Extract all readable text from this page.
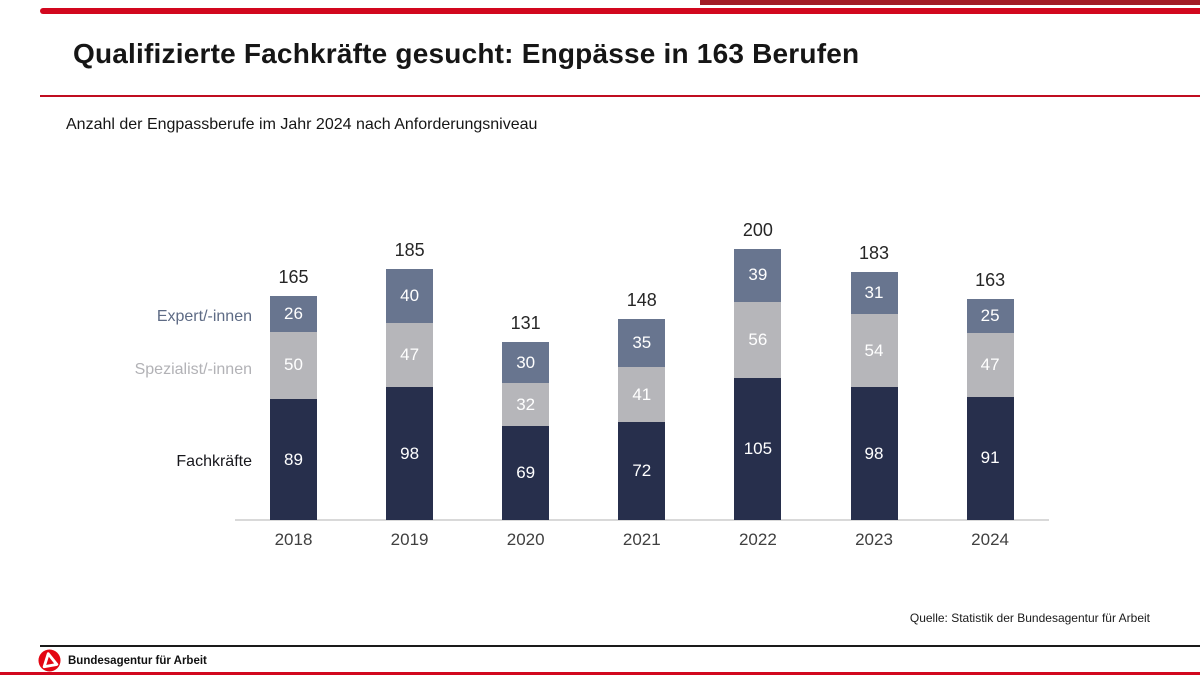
Qualifizierte Fachkräfte gesucht: Engpässe in 163 Berufen
Anzahl der Engpassberufe im Jahr 2024 nach Anforderungsniveau
Expert/-innen
Spezialist/-innen
Fachkräfte 89
50
26
165
2018
98
47
40
185
2019
69
32
30
131
2020
72
41
35
148
2021
105
56
39
200
2022
98
54
31
183
2023
91
47
25
163
2024
Quelle: Statistik der Bundesagentur für Arbeit
Bundesagentur für Arbeit
